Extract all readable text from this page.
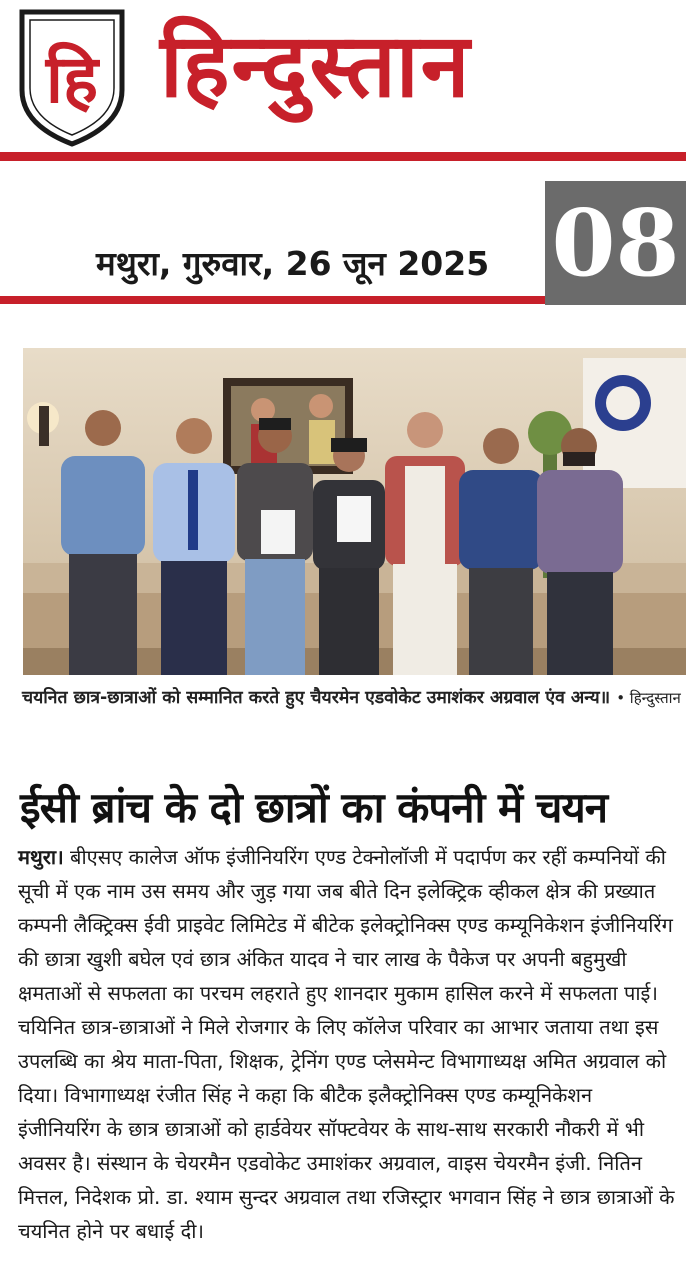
हि हिन्दुस्तान
मथुरा, गुरुवार, 26 जून 2025 08
चयनित छात्र-छात्राओं को सम्मानित करते हुए चैयरमेन एडवोकेट उमाशंकर अग्रवाल एंव अन्य॥ • हिन्दुस्तान
ईसी ब्रांच के दो छात्रों का कंपनी में चयन
मथुरा। बीएसए कालेज ऑफ इंजीनियरिंग एण्ड टेक्नोलॉजी में पदार्पण कर रहीं कम्पनियों की सूची में एक नाम उस समय और जुड़ गया जब बीते दिन इलेक्ट्रिक व्हीकल क्षेत्र की प्रख्यात कम्पनी लैक्ट्रिक्स ईवी प्राइवेट लिमिटेड में बीटेक इलेक्ट्रोनिक्स एण्ड कम्यूनिकेशन इंजीनियरिंग की छात्रा खुशी बघेल एवं छात्र अंकित यादव ने चार लाख के पैकेज पर अपनी बहुमुखी क्षमताओं से सफलता का परचम लहराते हुए शानदार मुकाम हासिल करने में सफलता पाई। चयिनित छात्र-छात्राओं ने मिले रोजगार के लिए कॉलेज परिवार का आभार जताया तथा इस उपलब्धि का श्रेय माता-पिता, शिक्षक, ट्रेनिंग एण्ड प्लेसमेन्ट विभागाध्यक्ष अमित अग्रवाल को दिया। विभागाध्यक्ष रंजीत सिंह ने कहा कि बीटैक इलैक्ट्रोनिक्स एण्ड कम्यूनिकेशन इंजीनियरिंग के छात्र छात्राओं को हार्डवेयर सॉफ्टवेयर के साथ-साथ सरकारी नौकरी में भी अवसर है। संस्थान के चेयरमैन एडवोकेट उमाशंकर अग्रवाल, वाइस चेयरमैन इंजी. नितिन मित्तल, निदेशक प्रो. डा. श्याम सुन्दर अग्रवाल तथा रजिस्ट्रार भगवान सिंह ने छात्र छात्राओं के चयनित होने पर बधाई दी।
